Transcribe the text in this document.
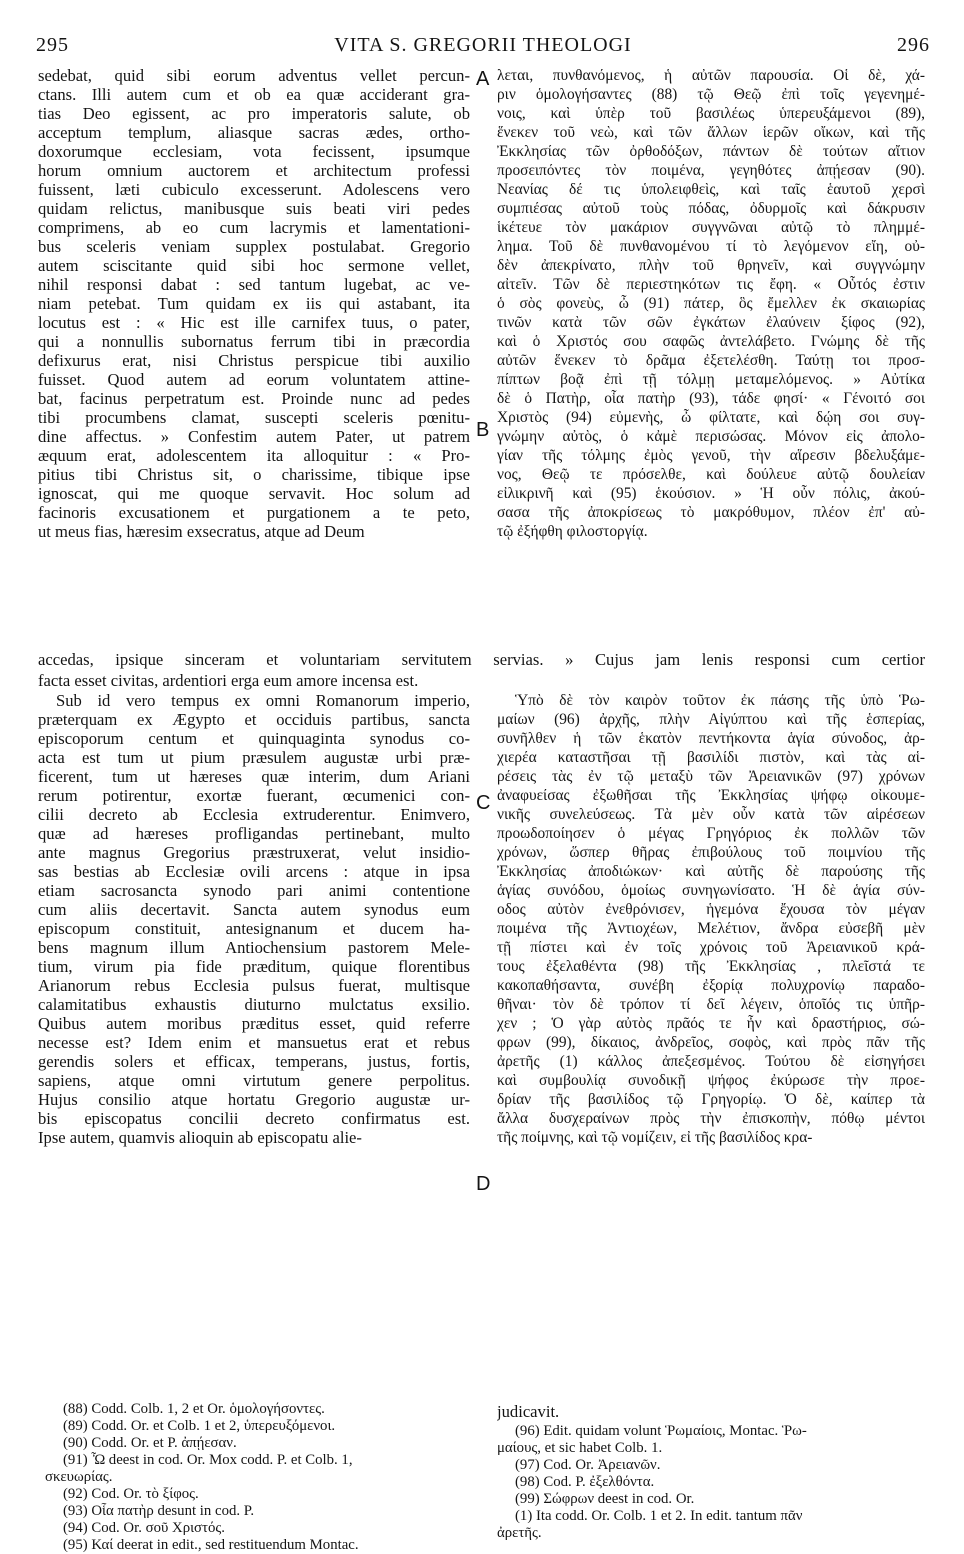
295	VITA S. GREGORII THEOLOGI	296
A
B
C
D
sedebat, quid sibi eorum adventus vellet percun-
ctans. Illi autem cum et ob ea quæ acciderant gra-
tias Deo egissent, ac pro imperatoris salute, ob
acceptum templum, aliasque sacras ædes, ortho-
doxorumque ecclesiam, vota fecissent, ipsumque
horum omnium auctorem et architectum professi
fuissent, læti cubiculo excesserunt. Adolescens vero
quidam relictus, manibusque suis beati viri pedes
comprimens, ab eo cum lacrymis et lamentationi-
bus sceleris veniam supplex postulabat. Gregorio
autem sciscitante quid sibi hoc sermone vellet,
nihil responsi dabat : sed tantum lugebat, ac ve-
niam petebat. Tum quidam ex iis qui astabant, ita
locutus est : « Hic est ille carnifex tuus, o pater,
qui a nonnullis subornatus ferrum tibi in præcordia
defixurus erat, nisi Christus perspicue tibi auxilio
fuisset. Quod autem ad eorum voluntatem attine-
bat, facinus perpetratum est. Proinde nunc ad pedes
tibi procumbens clamat, suscepti sceleris pœnitu-
dine affectus. » Confestim autem Pater, ut patrem
æquum erat, adolescentem ita alloquitur : « Pro-
pitius tibi Christus sit, o charissime, tibique ipse
ignoscat, qui me quoque servavit. Hoc solum ad
facinoris excusationem et purgationem a te peto,
ut meus fias, hæresim exsecratus, atque ad Deum
λεται, πυνθανόμενος, ἡ αὐτῶν παρουσία. Οἱ δὲ, χά-
ριν ὁμολογήσαντες (88) τῷ Θεῷ ἐπὶ τοῖς γεγενημέ-
νοις, καὶ ὑπὲρ τοῦ βασιλέως ὑπερευξάμενοι (89),
ἕνεκεν τοῦ νεὼ, καὶ τῶν ἄλλων ἱερῶν οἴκων, καὶ τῆς
Ἐκκλησίας τῶν ὀρθοδόξων, πάντων δὲ τούτων αἴτιον
προσειπόντες τὸν ποιμένα, γεγηθότες ἀπῄεσαν (90).
Νεανίας δέ τις ὑπολειφθεὶς, καὶ ταῖς ἑαυτοῦ χερσὶ
συμπιέσας αὐτοῦ τοὺς πόδας, ὀδυρμοῖς καὶ δάκρυσιν
ἱκέτευε τὸν μακάριον συγγνῶναι αὐτῷ τὸ πλημμέ-
λημα. Τοῦ δὲ πυνθανομένου τί τὸ λεγόμενον εἴη, οὐ-
δὲν ἀπεκρίνατο, πλὴν τοῦ θρηνεῖν, καὶ συγγνώμην
αἰτεῖν. Τῶν δὲ περιεστηκότων τις ἔφη. « Οὗτός ἐστιν
ὁ σὸς φονεὺς, ὦ (91) πάτερ, ὃς ἔμελλεν ἐκ σκαιωρίας
τινῶν κατὰ τῶν σῶν ἐγκάτων ἐλαύνειν ξίφος (92),
καὶ ὁ Χριστός σου σαφῶς ἀντελάβετο. Γνώμης δὲ τῆς
αὐτῶν ἕνεκεν τὸ δρᾶμα ἐξετελέσθη. Ταύτῃ τοι προσ-
πίπτων βοᾷ ἐπὶ τῇ τόλμῃ μεταμελόμενος. » Αὐτίκα
δὲ ὁ Πατὴρ, οἷα πατὴρ (93), τάδε φησί· « Γένοιτό σοι
Χριστὸς (94) εὐμενὴς, ὦ φίλτατε, καὶ δῴη σοι συγ-
γνώμην αὐτὸς, ὁ κἀμὲ περισώσας. Μόνον εἰς ἀπολο-
γίαν τῆς τόλμης ἐμὸς γενοῦ, τὴν αἵρεσιν βδελυξάμε-
νος, Θεῷ τε πρόσελθε, καὶ δούλευε αὐτῷ δουλείαν
εἰλικρινῆ καὶ (95) ἑκούσιον. » Ἡ οὖν πόλις, ἀκού-
σασα τῆς ἀποκρίσεως τὸ μακρόθυμον, πλέον ἐπ' αὐ-
τῷ ἐξήφθη φιλοστοργίᾳ.
accedas, ipsique sinceram et voluntariam servitutem servias. » Cujus jam lenis responsi cum certior
facta esset civitas, ardentiori erga eum amore incensa est.
Sub id vero tempus ex omni Romanorum imperio,
præterquam ex Ægypto et occiduis partibus, sancta
episcoporum centum et quinquaginta synodus co-
acta est tum ut pium præsulem augustæ urbi præ-
ficerent, tum ut hæreses quæ interim, dum Ariani
rerum potirentur, exortæ fuerant, œcumenici con-
cilii decreto ab Ecclesia extruderentur. Enimvero,
quæ ad hæreses profligandas pertinebant, multo
ante magnus Gregorius præstruxerat, velut insidio-
sas bestias ab Ecclesiæ ovili arcens : atque in ipsa
etiam sacrosancta synodo pari animi contentione
cum aliis decertavit. Sancta autem synodus eum
episcopum constituit, antesignanum et ducem ha-
bens magnum illum Antiochensium pastorem Mele-
tium, virum pia fide præditum, quique florentibus
Arianorum rebus Ecclesia pulsus fuerat, multisque
calamitatibus exhaustis diuturno mulctatus exsilio.
Quibus autem moribus præditus esset, quid referre
necesse est? Idem enim et mansuetus erat et rebus
gerendis solers et efficax, temperans, justus, fortis,
sapiens, atque omni virtutum genere perpolitus.
Hujus consilio atque hortatu Gregorio augustæ ur-
bis episcopatus concilii decreto confirmatus est.
Ipse autem, quamvis alioquin ab episcopatu alie-
Ὑπὸ δὲ τὸν καιρὸν τοῦτον ἐκ πάσης τῆς ὑπὸ Ῥω-
μαίων (96) ἀρχῆς, πλὴν Αἰγύπτου καὶ τῆς ἑσπερίας,
συνῆλθεν ἡ τῶν ἑκατὸν πεντήκοντα ἁγία σύνοδος, ἀρ-
χιερέα καταστῆσαι τῇ βασιλίδι πιστὸν, καὶ τὰς αἱ-
ρέσεις τὰς ἐν τῷ μεταξὺ τῶν Ἀρειανικῶν (97) χρόνων
ἀναφυείσας ἐξωθῆσαι τῆς Ἐκκλησίας ψήφῳ οἰκουμε-
νικῆς συνελεύσεως. Τὰ μὲν οὖν κατὰ τῶν αἱρέσεων
προωδοποίησεν ὁ μέγας Γρηγόριος ἐκ πολλῶν τῶν
χρόνων, ὥσπερ θῆρας ἐπιβούλους τοῦ ποιμνίου τῆς
Ἐκκλησίας ἀποδιώκων· καὶ αὐτῆς δὲ παρούσης τῆς
ἁγίας συνόδου, ὁμοίως συνηγωνίσατο. Ἡ δὲ ἁγία σύν-
οδος αὐτὸν ἐνεθρόνισεν, ἡγεμόνα ἔχουσα τὸν μέγαν
ποιμένα τῆς Ἀντιοχέων, Μελέτιον, ἄνδρα εὐσεβῆ μὲν
τῇ πίστει καὶ ἐν τοῖς χρόνοις τοῦ Ἀρειανικοῦ κρά-
τους ἐξελαθέντα (98) τῆς Ἐκκλησίας , πλεῖστά τε
κακοπαθήσαντα, συνέβη ἐξορίᾳ πολυχρονίῳ παραδο-
θῆναι· τὸν δὲ τρόπον τί δεῖ λέγειν, ὁποῖός τις ὑπῆρ-
χεν ; Ὁ γὰρ αὐτὸς πρᾶός τε ἦν καὶ δραστήριος, σώ-
φρων (99), δίκαιος, ἀνδρεῖος, σοφὸς, καὶ πρὸς πᾶν τῆς
ἀρετῆς (1) κάλλος ἀπεξεσμένος. Τούτου δὲ εἰσηγήσει
καὶ συμβουλίᾳ συνοδικῇ ψήφος ἐκύρωσε τὴν προε-
δρίαν τῆς βασιλίδος τῷ Γρηγορίῳ. Ὁ δὲ, καίπερ τὰ
ἄλλα δυσχεραίνων πρὸς τὴν ἐπισκοπὴν, πόθῳ μέντοι
τῆς ποίμνης, καὶ τῷ νομίζειν, εἰ τῆς βασιλίδος κρα-
(88) Codd. Colb. 1, 2 et Or. ὁμολογήσοντες.
(89) Codd. Or. et Colb. 1 et 2, ὑπερευξόμενοι.
(90) Codd. Or. et P. ἀπῄεσαν.
(91) Ὦ deest in cod. Or. Mox codd. P. et Colb. 1,
σκευωρίας.
(92) Cod. Or. τὸ ξίφος.
(93) Οἷα πατὴρ desunt in cod. P.
(94) Cod. Or. σοῦ Χριστός.
(95) Καί deerat in edit., sed restituendum Montac.
judicavit.
(96) Edit. quidam volunt Ῥωμαίοις, Montac. Ῥω-
μαίους, et sic habet Colb. 1.
(97) Cod. Or. Ἀρειανῶν.
(98) Cod. P. ἐξελθόντα.
(99) Σώφρων deest in cod. Or.
(1) Ita codd. Or. Colb. 1 et 2. In edit. tantum πᾶν
ἀρετῆς.
